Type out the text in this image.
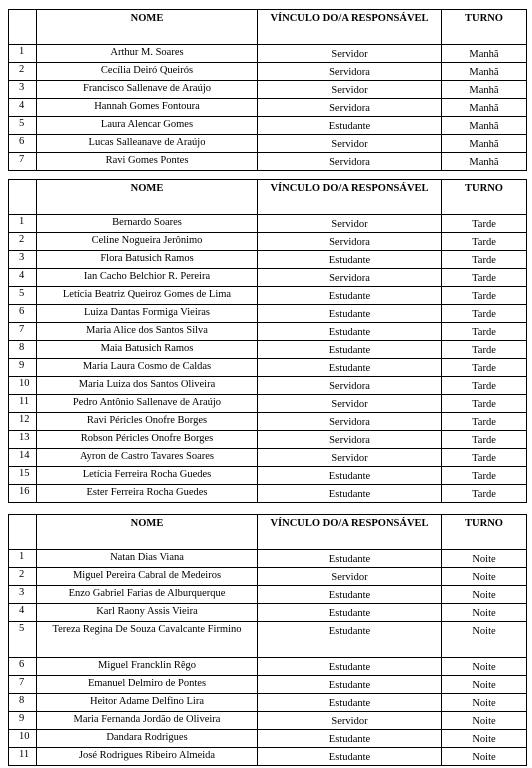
	NOME	VÍNCULO DO/A RESPONSÁVEL	TURNO
1	Arthur M. Soares	Servidor	Manhã
2	Cecília Deiró Queirós	Servidora	Manhã
3	Francisco Sallenave de Araújo	Servidor	Manhã
4	Hannah Gomes Fontoura	Servidora	Manhã
5	Laura Alencar Gomes	Estudante	Manhã
6	Lucas Salleanave de Araújo	Servidor	Manhã
7	Ravi Gomes Pontes	Servidora	Manhã
	NOME	VÍNCULO DO/A RESPONSÁVEL	TURNO
1	Bernardo Soares	Servidor	Tarde
2	Celine Nogueira Jerônimo	Servidora	Tarde
3	Flora Batusich Ramos	Estudante	Tarde
4	Ian Cacho Belchior R. Pereira	Servidora	Tarde
5	Letícia Beatriz Queiroz Gomes de Lima	Estudante	Tarde
6	Luiza Dantas Formiga Vieiras	Estudante	Tarde
7	Maria Alice dos Santos Silva	Estudante	Tarde
8	Maia Batusich Ramos	Estudante	Tarde
9	Maria Laura Cosmo de Caldas	Estudante	Tarde
10	Maria Luiza dos Santos Oliveira	Servidora	Tarde
11	Pedro Antônio Sallenave de Araújo	Servidor	Tarde
12	Ravi Péricles Onofre Borges	Servidora	Tarde
13	Robson Péricles Onofre Borges	Servidora	Tarde
14	Ayron de Castro Tavares Soares	Servidor	Tarde
15	Letícia Ferreira Rocha Guedes	Estudante	Tarde
16	Ester Ferreira Rocha Guedes	Estudante	Tarde
	NOME	VÍNCULO DO/A RESPONSÁVEL	TURNO
1	Natan Dias Viana	Estudante	Noite
2	Miguel Pereira Cabral de Medeiros	Servidor	Noite
3	Enzo Gabriel Farias de Alburquerque	Estudante	Noite
4	Karl Raony Assis Vieira	Estudante	Noite
5	Tereza Regina De Souza Cavalcante Firmino	Estudante	Noite
6	Miguel Francklin Rêgo	Estudante	Noite
7	Emanuel Delmiro de Pontes	Estudante	Noite
8	Heitor Adame Delfino Lira	Estudante	Noite
9	Maria Fernanda Jordão de Oliveira	Servidor	Noite
10	Dandara Rodrigues	Estudante	Noite
11	José Rodrigues Ribeiro Almeida	Estudante	Noite
